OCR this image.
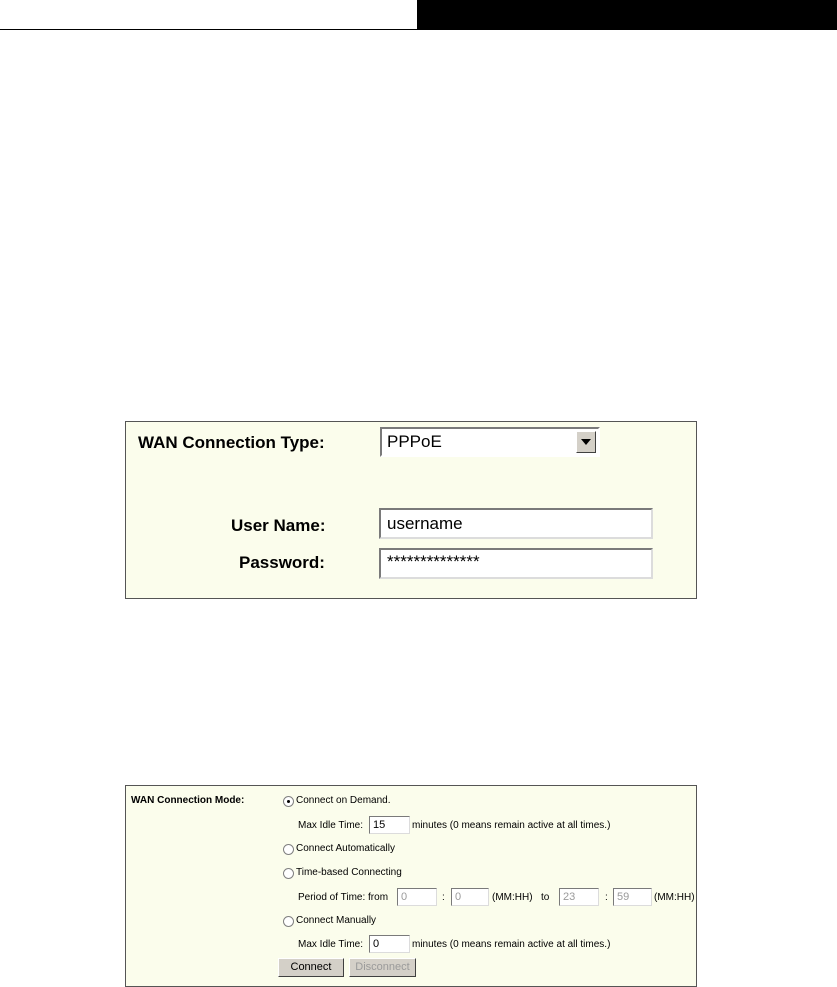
WAN Connection Type:	PPPoE
User Name:	username
Password:	**************
WAN Connection Mode:	Connect on Demand.
Max Idle Time: 15	minutes (0 means remain active at all times.)
Connect Automatically
Time-based Connecting
Period of Time: from 0	: 0	(MM:HH) to 23	: 59 (MM:HH)
Connect Manually
Max Idle Time: 0	minutes (0 means remain active at all times.)
Connect	Disconnect
